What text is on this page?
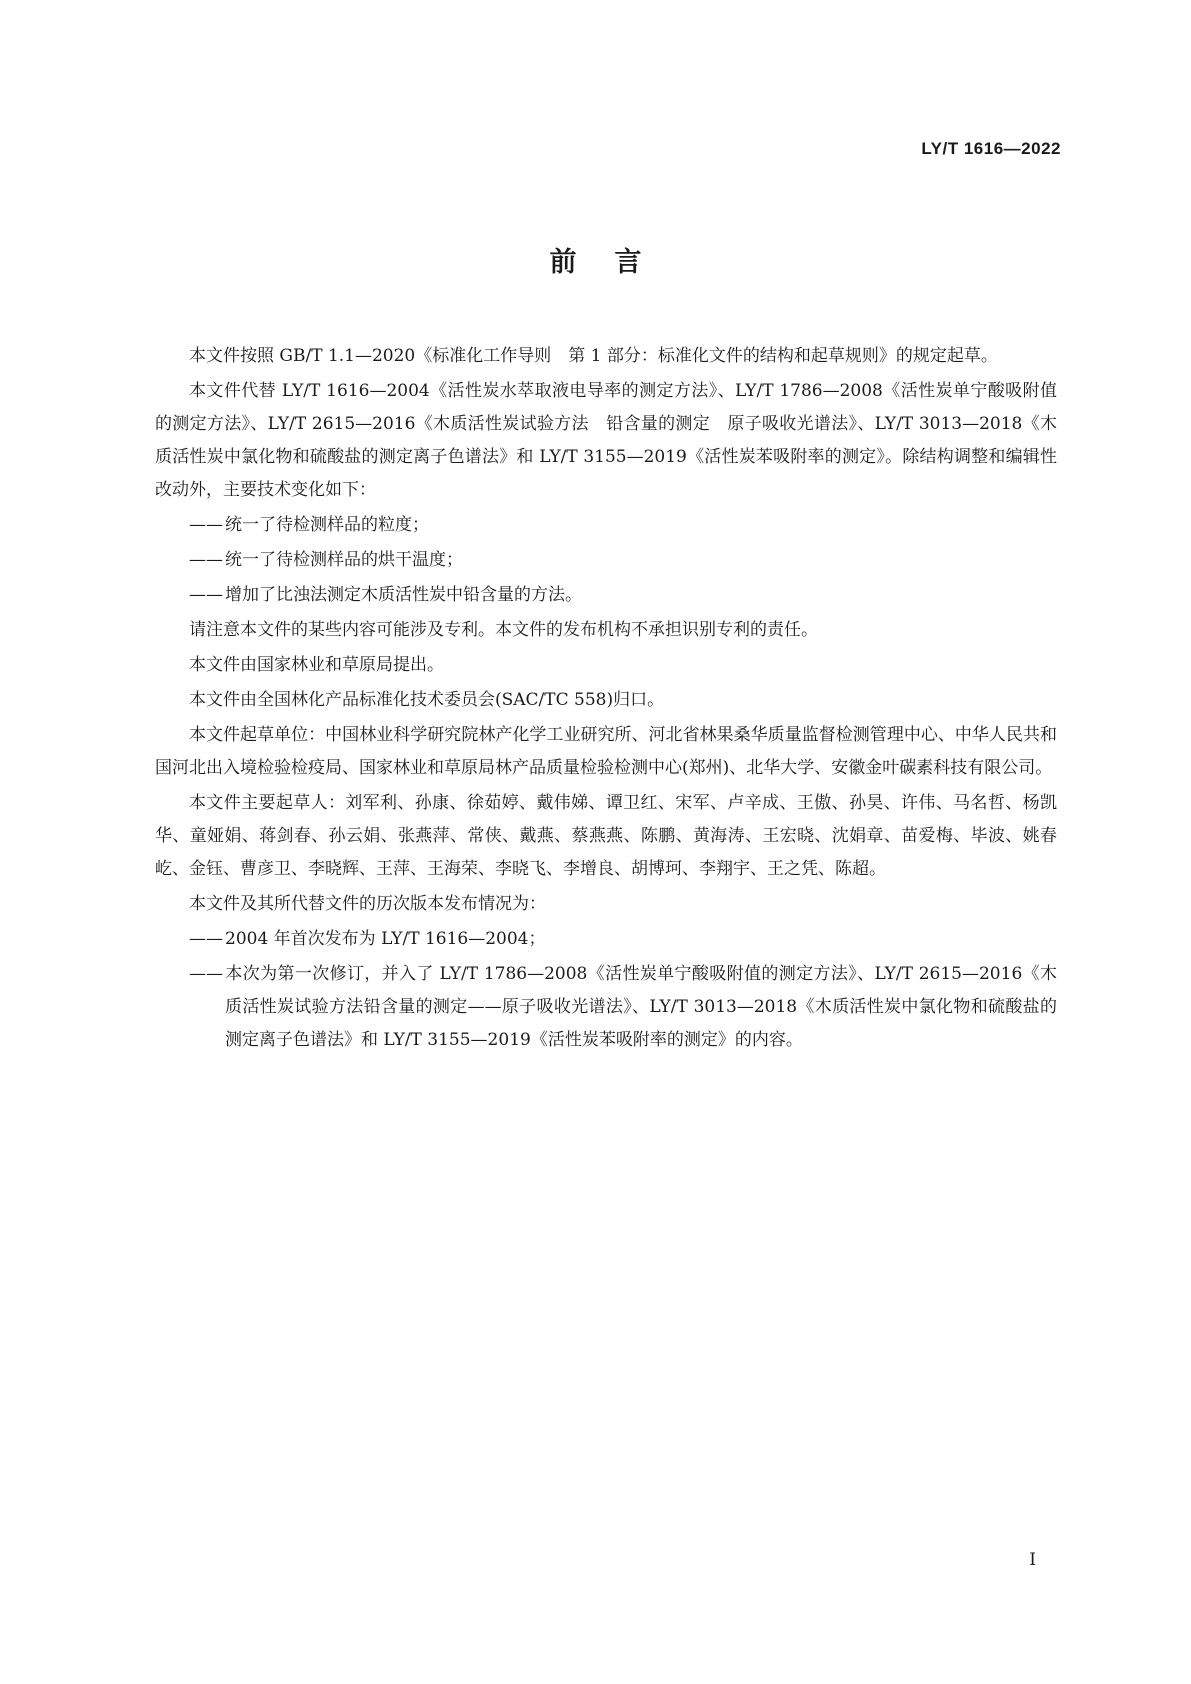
LY/T 1616—2022
前言

本文件按照 GB/T 1.1—2020《标准化工作导则　第 1 部分：标准化文件的结构和起草规则》的规定起草。

本文件代替 LY/T 1616—2004《活性炭水萃取液电导率的测定方法》、LY/T 1786—2008《活性炭单宁酸吸附值的测定方法》、LY/T 2615—2016《木质活性炭试验方法　铅含量的测定　原子吸收光谱法》、LY/T 3013—2018《木质活性炭中氯化物和硫酸盐的测定离子色谱法》和 LY/T 3155—2019《活性炭苯吸附率的测定》。除结构调整和编辑性改动外，主要技术变化如下：

—— 统一了待检测样品的粒度；

—— 统一了待检测样品的烘干温度；

—— 增加了比浊法测定木质活性炭中铅含量的方法。

请注意本文件的某些内容可能涉及专利。本文件的发布机构不承担识别专利的责任。

本文件由国家林业和草原局提出。

本文件由全国林化产品标准化技术委员会(SAC/TC 558)归口。

本文件起草单位：中国林业科学研究院林产化学工业研究所、河北省林果桑华质量监督检测管理中心、中华人民共和国河北出入境检验检疫局、国家林业和草原局林产品质量检验检测中心(郑州)、北华大学、安徽金叶碳素科技有限公司。

本文件主要起草人：刘军利、孙康、徐茹婷、戴伟娣、谭卫红、宋军、卢辛成、王傲、孙昊、许伟、马名哲、杨凯华、童娅娟、蒋剑春、孙云娟、张燕萍、常侠、戴燕、蔡燕燕、陈鹏、黄海涛、王宏晓、沈娟章、苗爱梅、毕波、姚春屹、金钰、曹彦卫、李晓辉、王萍、王海荣、李晓飞、李增良、胡博珂、李翔宇、王之凭、陈超。

本文件及其所代替文件的历次版本发布情况为：

—— 2004 年首次发布为 LY/T 1616—2004；

—— 本次为第一次修订，并入了 LY/T 1786—2008《活性炭单宁酸吸附值的测定方法》、LY/T 2615—2016《木质活性炭试验方法铅含量的测定——原子吸收光谱法》、LY/T 3013—2018《木质活性炭中氯化物和硫酸盐的测定离子色谱法》和 LY/T 3155—2019《活性炭苯吸附率的测定》的内容。

I
